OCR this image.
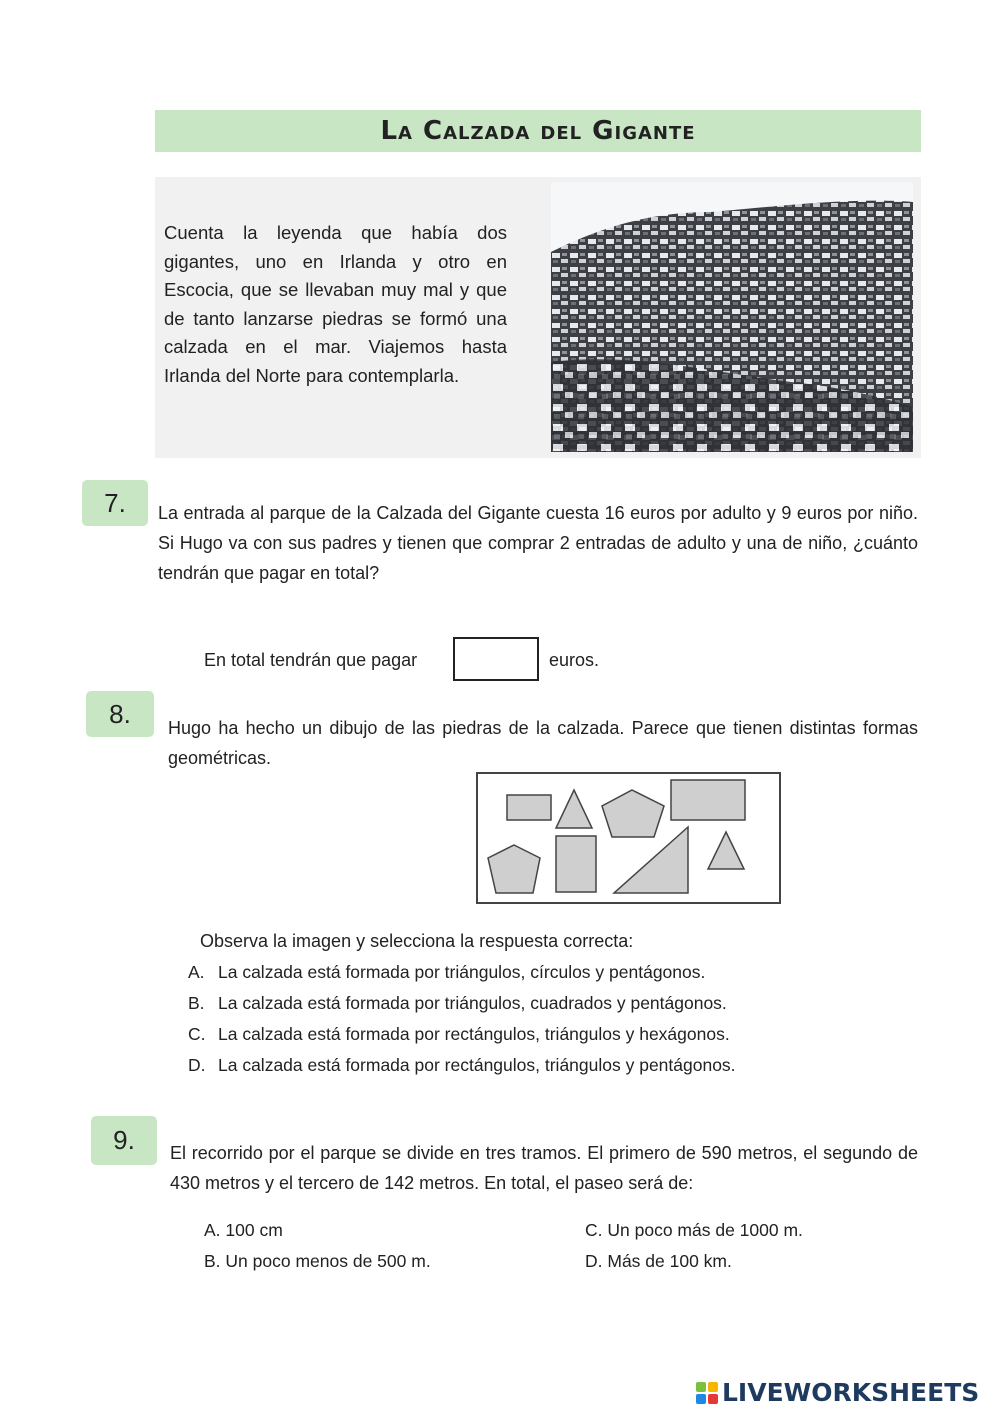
La Calzada del Gigante
Cuenta la leyenda que había dos gigantes, uno en Irlanda y otro en Escocia, que se llevaban muy mal y que de tanto lanzarse piedras se formó una calzada en el mar. Viajemos hasta Irlanda del Norte para contemplarla.
7.	La entrada al parque de la Calzada del Gigante cuesta 16 euros por adulto y 9 euros por niño. Si Hugo va con sus padres y tienen que comprar 2 entradas de adulto y una de niño, ¿cuánto tendrán que pagar en total?
En total tendrán que pagar	euros.
8.	Hugo ha hecho un dibujo de las piedras de la calzada. Parece que tienen distintas formas geométricas.
Observa la imagen y selecciona la respuesta correcta:
A. La calzada está formada por triángulos, círculos y pentágonos.
B. La calzada está formada por triángulos, cuadrados y pentágonos.
C. La calzada está formada por rectángulos, triángulos y hexágonos.
D. La calzada está formada por rectángulos, triángulos y pentágonos.
9.	El recorrido por el parque se divide en tres tramos. El primero de 590 metros, el segundo de 430 metros y el tercero de 142 metros. En total, el paseo será de:
A. 100 cm
B. Un poco menos de 500 m.
C. Un poco más de 1000 m.
D. Más de 100 km.
LIVEWORKSHEETS
